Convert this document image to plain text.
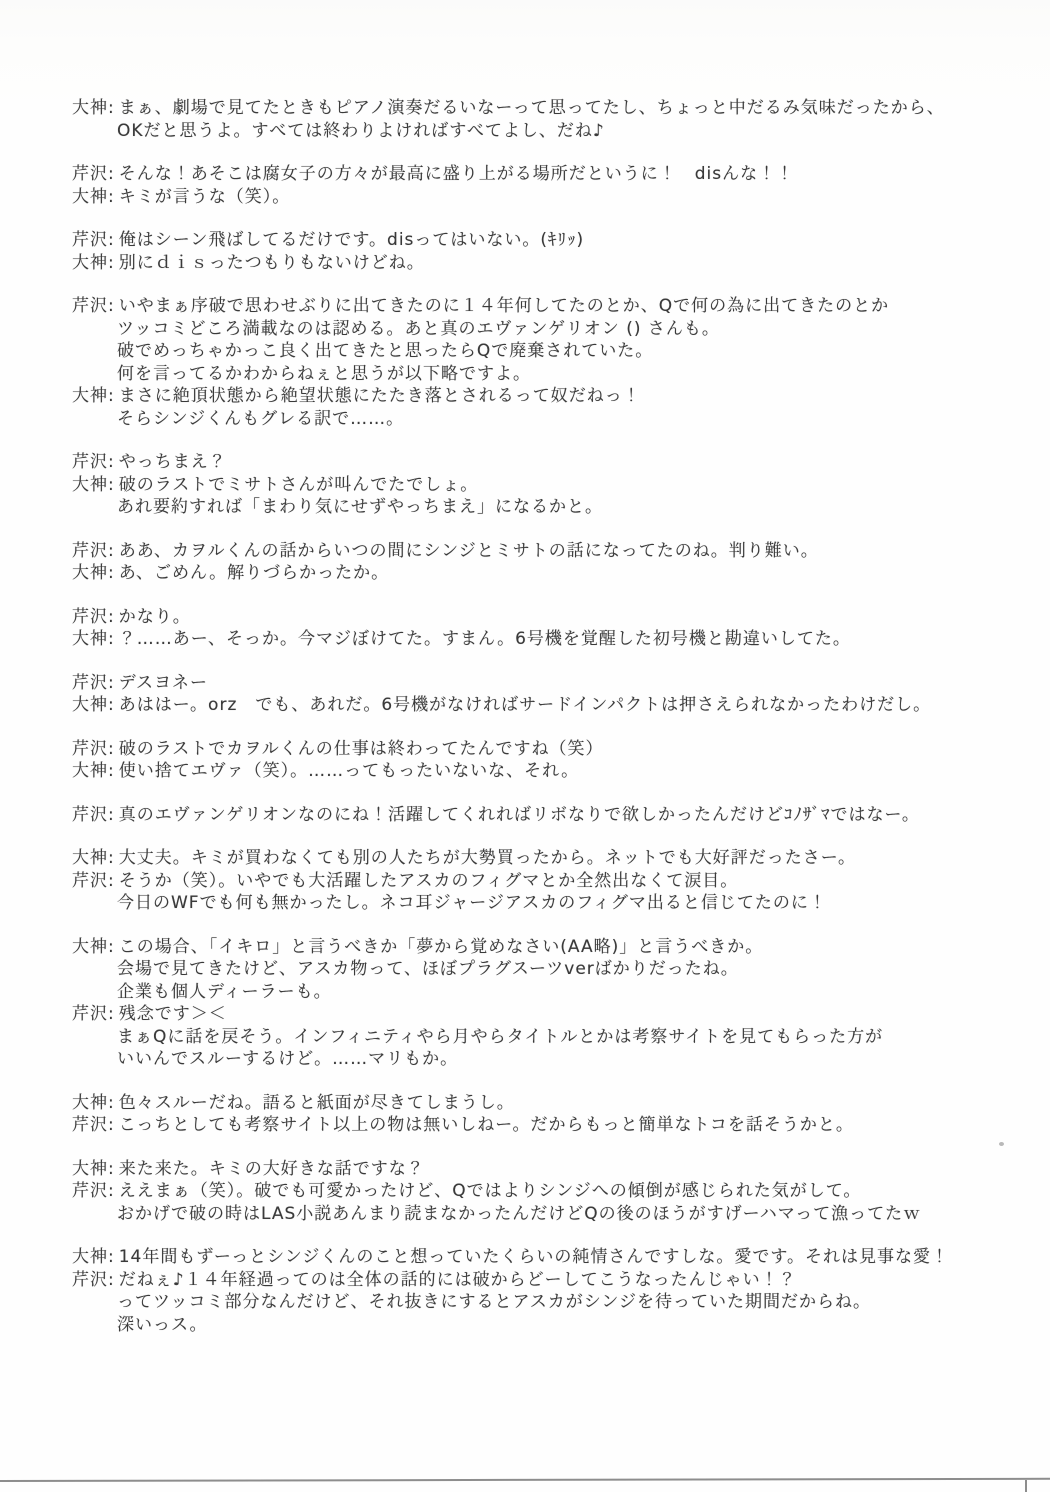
大神: まぁ、劇場で見てたときもピアノ演奏だるいなーって思ってたし、ちょっと中だるみ気味だったから、
OKだと思うよ。すべては終わりよければすべてよし、だね♪
芹沢: そんな！あそこは腐女子の方々が最高に盛り上がる場所だというに！　disんな！！
大神: キミが言うな（笑）。
芹沢: 俺はシーン飛ばしてるだけです。disってはいない。(ｷﾘｯ)
大神: 別にｄｉｓったつもりもないけどね。
芹沢: いやまぁ序破で思わせぶりに出てきたのに１４年何してたのとか、Qで何の為に出てきたのとか
ツッコミどころ満載なのは認める。あと真のエヴァンゲリオン () さんも。
破でめっちゃかっこ良く出てきたと思ったらQで廃棄されていた。
何を言ってるかわからねぇと思うが以下略ですよ。
大神: まさに絶頂状態から絶望状態にたたき落とされるって奴だねっ！
そらシンジくんもグレる訳で……。
芹沢: やっちまえ？
大神: 破のラストでミサトさんが叫んでたでしょ。
あれ要約すれば「まわり気にせずやっちまえ」になるかと。
芹沢: ああ、カヲルくんの話からいつの間にシンジとミサトの話になってたのね。判り難い。
大神: あ、ごめん。解りづらかったか。
芹沢: かなり。
大神: ？……あー、そっか。今マジぼけてた。すまん。6号機を覚醒した初号機と勘違いしてた。
芹沢: デスヨネー
大神: あははー。orz　でも、あれだ。6号機がなければサードインパクトは押さえられなかったわけだし。
芹沢: 破のラストでカヲルくんの仕事は終わってたんですね（笑）
大神: 使い捨てエヴァ（笑）。……ってもったいないな、それ。
芹沢: 真のエヴァンゲリオンなのにね！活躍してくれればリボなりで欲しかったんだけどｺﾉｻﾞﾏではなー。
大神: 大丈夫。キミが買わなくても別の人たちが大勢買ったから。ネットでも大好評だったさー。
芹沢: そうか（笑）。いやでも大活躍したアスカのフィグマとか全然出なくて涙目。
今日のWFでも何も無かったし。ネコ耳ジャージアスカのフィグマ出ると信じてたのに！
大神: この場合、「イキロ」と言うべきか「夢から覚めなさい(AA略)」と言うべきか。
会場で見てきたけど、アスカ物って、ほぼプラグスーツverばかりだったね。
企業も個人ディーラーも。
芹沢: 残念です＞＜
まぁQに話を戻そう。インフィニティやら月やらタイトルとかは考察サイトを見てもらった方が
いいんでスルーするけど。……マリもか。
大神: 色々スルーだね。語ると紙面が尽きてしまうし。
芹沢: こっちとしても考察サイト以上の物は無いしねー。だからもっと簡単なトコを話そうかと。
大神: 来た来た。キミの大好きな話ですな？
芹沢: ええまぁ（笑）。破でも可愛かったけど、Qではよりシンジへの傾倒が感じられた気がして。
おかげで破の時はLAS小説あんまり読まなかったんだけどQの後のほうがすげーハマって漁ってたｗ
大神: 14年間もずーっとシンジくんのこと想っていたくらいの純情さんですしな。愛です。それは見事な愛！
芹沢: だねぇ♪１４年経過ってのは全体の話的には破からどーしてこうなったんじゃい！？
ってツッコミ部分なんだけど、それ抜きにするとアスカがシンジを待っていた期間だからね。
深いっス。
